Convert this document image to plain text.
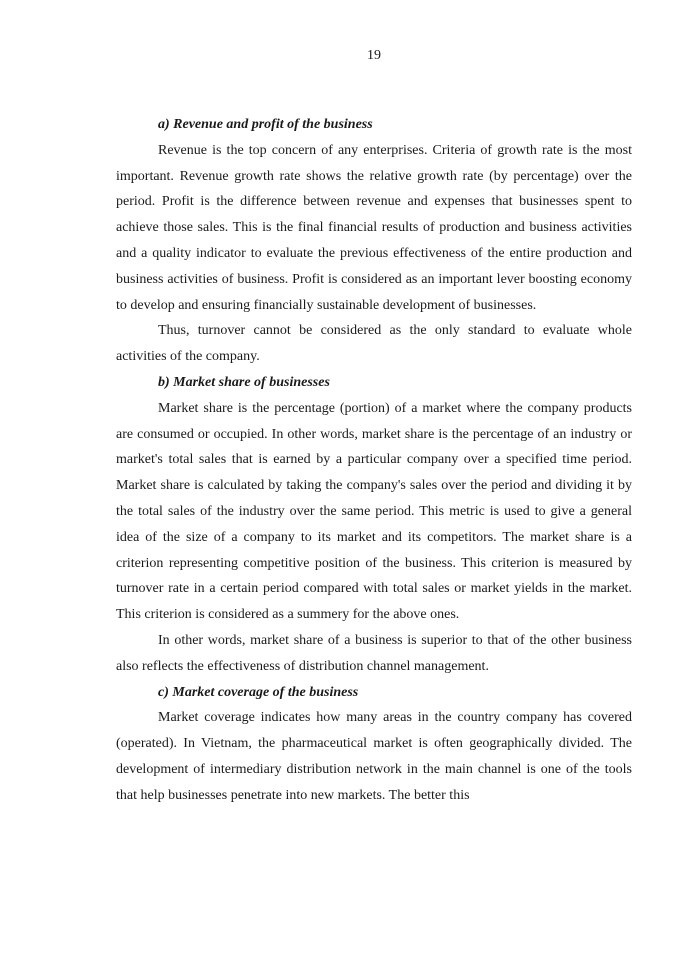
19
a) Revenue and profit of the business

Revenue is the top concern of any enterprises. Criteria of growth rate is the most important. Revenue growth rate shows the relative growth rate (by percentage) over the period. Profit is the difference between revenue and expenses that businesses spent to achieve those sales. This is the final financial results of production and business activities and a quality indicator to evaluate the previous effectiveness of the entire production and business activities of business. Profit is considered as an important lever boosting economy to develop and ensuring financially sustainable development of businesses.

Thus, turnover cannot be considered as the only standard to evaluate whole activities of the company.

b) Market share of businesses

Market share is the percentage (portion) of a market where the company products are consumed or occupied. In other words, market share is the percentage of an industry or market's total sales that is earned by a particular company over a specified time period. Market share is calculated by taking the company's sales over the period and dividing it by the total sales of the industry over the same period. This metric is used to give a general idea of the size of a company to its market and its competitors. The market share is a criterion representing competitive position of the business. This criterion is measured by turnover rate in a certain period compared with total sales or market yields in the market. This criterion is considered as a summery for the above ones.

In other words, market share of a business is superior to that of the other business also reflects the effectiveness of distribution channel management.

c) Market coverage of the business

Market coverage indicates how many areas in the country company has covered (operated). In Vietnam, the pharmaceutical market is often geographically divided. The development of intermediary distribution network in the main channel is one of the tools that help businesses penetrate into new markets. The better this
